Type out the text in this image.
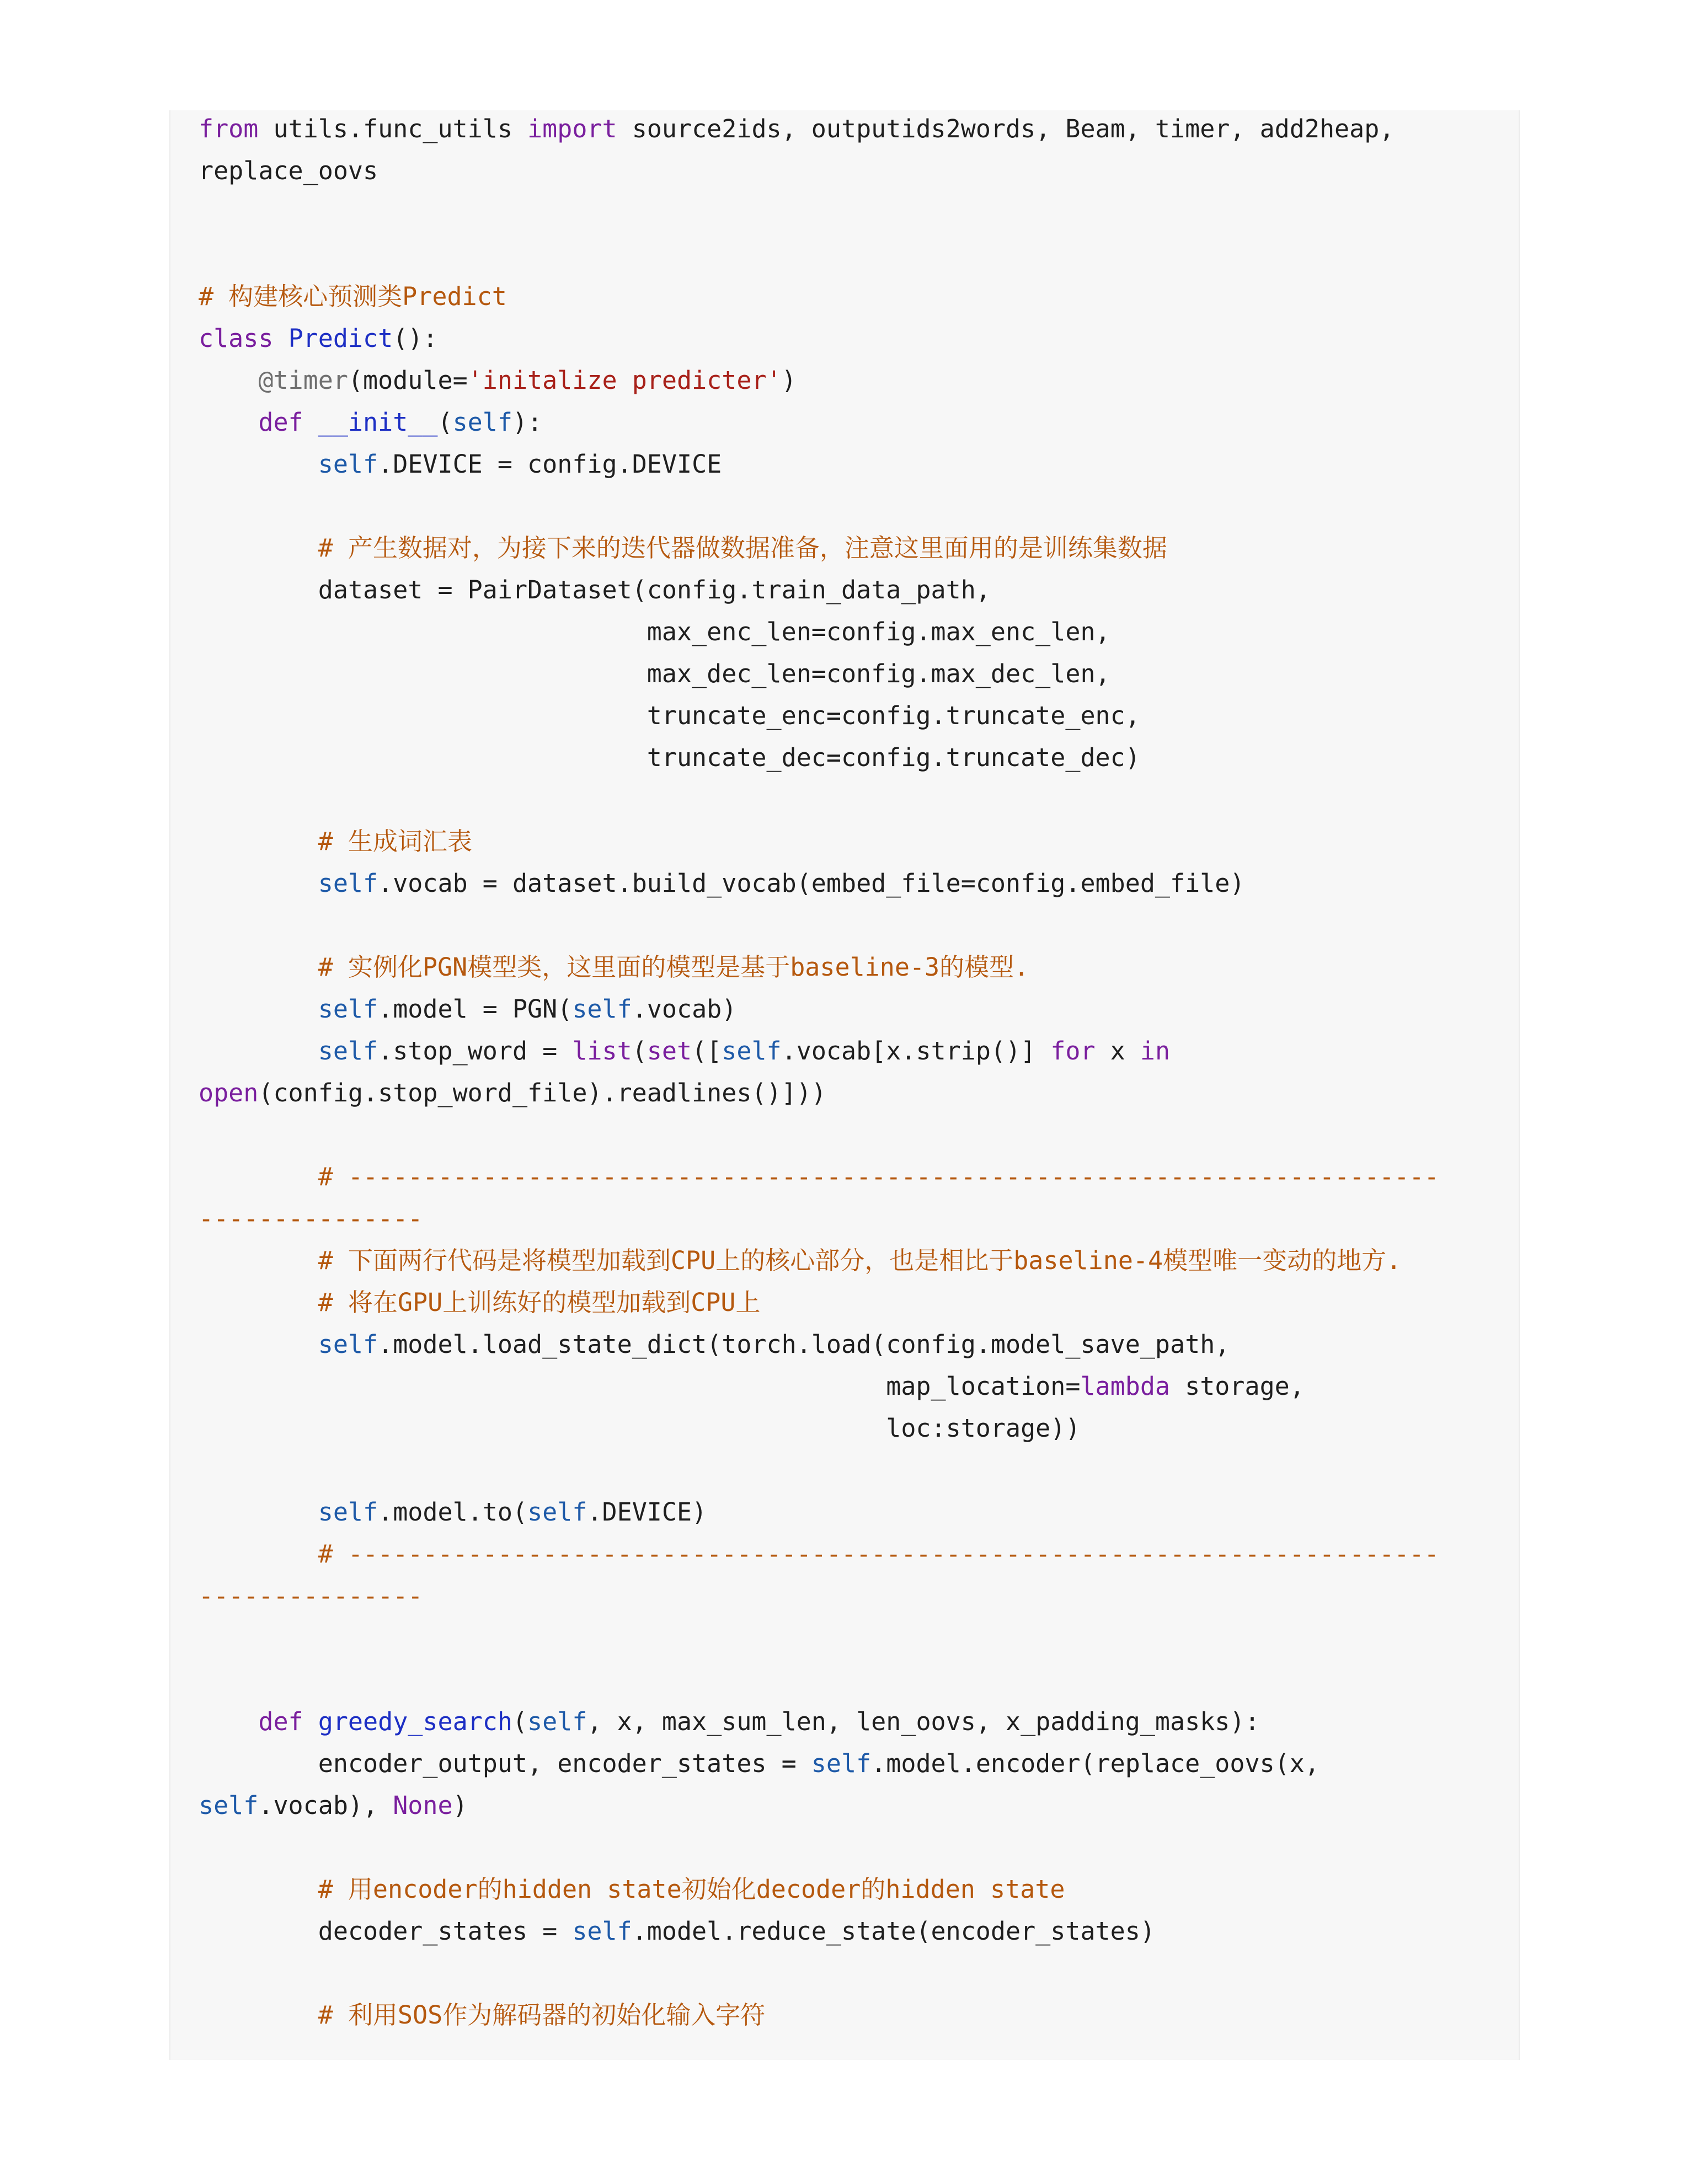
from utils.func_utils import source2ids, outputids2words, Beam, timer, add2heap,
replace_oovs
# 构建核心预测类Predict
class Predict():
@timer(module='initalize predicter')
def __init__(self):
self.DEVICE = config.DEVICE
# 产生数据对，为接下来的迭代器做数据准备，注意这里面用的是训练集数据
dataset = PairDataset(config.train_data_path,
max_enc_len=config.max_enc_len,
max_dec_len=config.max_dec_len,
truncate_enc=config.truncate_enc,
truncate_dec=config.truncate_dec)
# 生成词汇表
self.vocab = dataset.build_vocab(embed_file=config.embed_file)
# 实例化PGN模型类，这里面的模型是基于baseline-3的模型.
self.model = PGN(self.vocab)
self.stop_word = list(set([self.vocab[x.strip()] for x in
open(config.stop_word_file).readlines()]))
# -------------------------------------------------------------------------
---------------
# 下面两行代码是将模型加载到CPU上的核心部分，也是相比于baseline-4模型唯一变动的地方.
# 将在GPU上训练好的模型加载到CPU上
self.model.load_state_dict(torch.load(config.model_save_path,
map_location=lambda storage,
loc:storage))
self.model.to(self.DEVICE)
# -------------------------------------------------------------------------
---------------
def greedy_search(self, x, max_sum_len, len_oovs, x_padding_masks):
encoder_output, encoder_states = self.model.encoder(replace_oovs(x,
self.vocab), None)
# 用encoder的hidden state初始化decoder的hidden state
decoder_states = self.model.reduce_state(encoder_states)
# 利用SOS作为解码器的初始化输入字符
